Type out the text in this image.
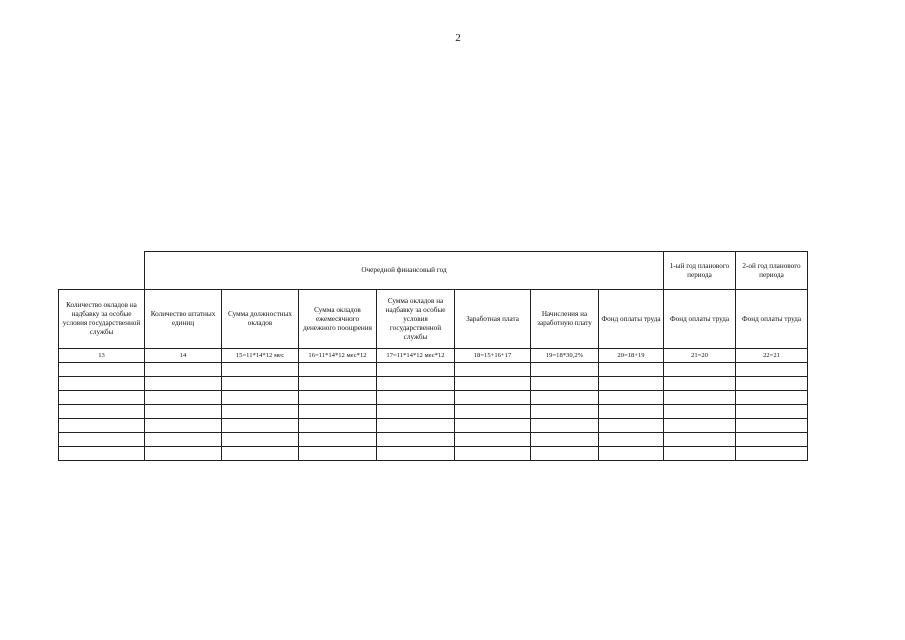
2
	Очередной финансовый год							1-ый год планового периода	2-ой год планового периода
Количество окладов на надбавку за особые условия государственной службы	Количество штатных единиц	Сумма должностных окладов	Сумма окладов ежемесячного денежного поощрения	Сумма окладов на надбавку за особые условия государственной службы	Заработная плата	Начисления на заработную плату	Фонд оплаты труда	Фонд оплаты труда	Фонд оплаты труда
13	14	15=11*14*12 мес	16=11*14*12 мес*12	17=11*14*12 мес*12	18=15+16+17	19=18*30,2%	20=18+19	21=20	22=21
